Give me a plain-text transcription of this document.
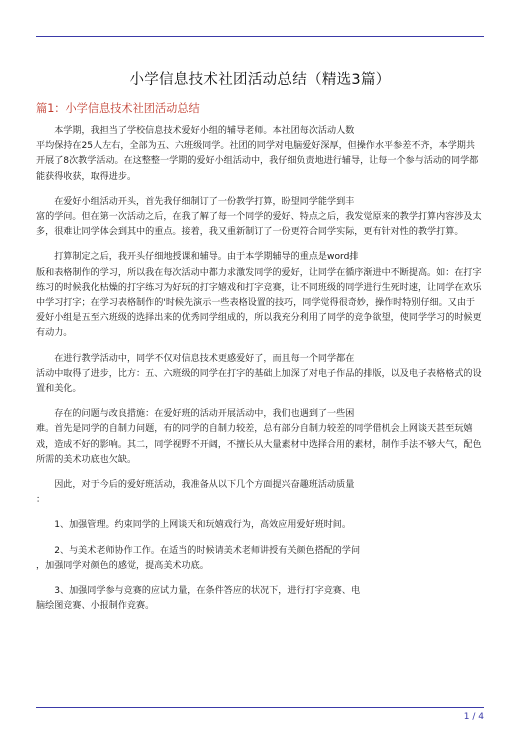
小学信息技术社团活动总结（精选3篇）
篇1：小学信息技术社团活动总结

本学期，我担当了学校信息技术爱好小组的辅导老师。本社团每次活动人数
平均保持在25人左右，全部为五、六班级同学。社团的同学对电脑爱好深厚，但操作水平参差不齐，本学期共开展了8次教学活动。在这整整一学期的爱好小组活动中，我仔细负责地进行辅导，让每一个参与活动的同学都能获得收获，取得进步。

在爱好小组活动开头，首先我仔细制订了一份教学打算，盼望同学能学到丰
富的学问。但在第一次活动之后，在我了解了每一个同学的爱好、特点之后，我发觉原来的教学打算内容涉及太多，很难让同学体会到其中的重点。接着，我又重新制订了一份更符合同学实际，更有针对性的教学打算。

打算制定之后，我开头仔细地授课和辅导。由于本学期辅导的重点是word排
版和表格制作的学习，所以我在每次活动中都力求激发同学的爱好，让同学在循序渐进中不断提高。如：在打字练习的时候我化枯燥的打字练习为好玩的打字嬉戏和打字竞赛，让不同班级的同学进行生死时速，让同学在欢乐中学习打字；在学习表格制作的'时候先演示一些表格设置的技巧，同学觉得很奇妙，操作时特别仔细。又由于爱好小组是五至六班级的选择出来的优秀同学组成的，所以我充分利用了同学的竞争欲望，使同学学习的时候更有动力。

在进行教学活动中，同学不仅对信息技术更感爱好了，而且每一个同学都在
活动中取得了进步，比方：五、六班级的同学在打字的基础上加深了对电子作品的排版，以及电子表格格式的设置和美化。

存在的问题与改良措施：在爱好班的活动开展活动中，我们也遇到了一些困
难。首先是同学的自制力问题，有的同学的自制力较差，总有部分自制力较差的同学借机会上网谈天甚至玩嬉戏，造成不好的影响。其二，同学视野不开阔，不擅长从大量素材中选择合用的素材，制作手法不够大气，配色所需的美术功底也欠缺。

因此，对于今后的爱好班活动，我准备从以下几个方面提兴奋趣班活动质量
：

1、加强管理。约束同学的上网谈天和玩嬉戏行为，高效应用爱好班时间。

2、与美术老师协作工作。在适当的时候请美术老师讲授有关颜色搭配的学问
，加强同学对颜色的感觉，提高美术功底。

3、加强同学参与竞赛的应试力量，在条件答应的状况下，进行打字竞赛、电
脑绘图竞赛、小报制作竞赛。

1 / 4
